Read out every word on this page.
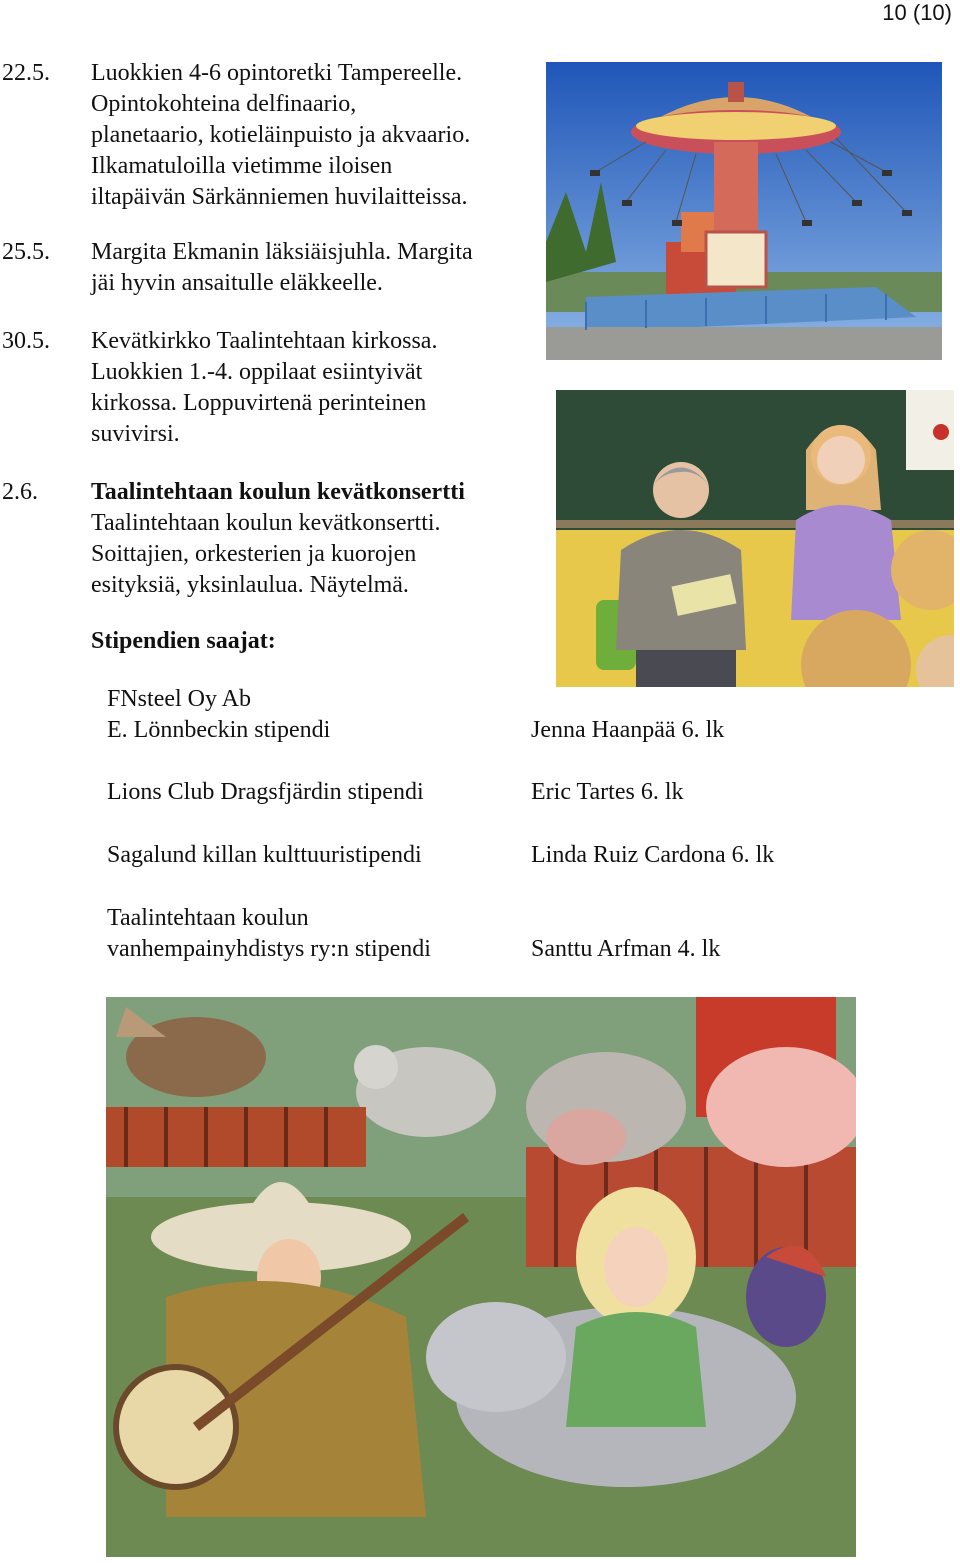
10 (10)
22.5. Luokkien 4-6 opintoretki Tampereelle.
Opintokohteina delfinaario,
planetaario, kotieläinpuisto ja akvaario.
Ilkamatuloilla vietimme iloisen
iltapäivän Särkänniemen huvilaitteissa.
25.5. Margita Ekmanin läksiäisjuhla. Margita
jäi hyvin ansaitulle eläkkeelle.
30.5. Kevätkirkko Taalintehtaan kirkossa.
Luokkien 1.-4. oppilaat esiintyivät
kirkossa. Loppuvirtenä perinteinen
suvivirsi.
2.6. Taalintehtaan koulun kevätkonsertti
Taalintehtaan koulun kevätkonsertti.
Soittajien, orkesterien ja kuorojen
esityksiä, yksinlaulua. Näytelmä.
Stipendien saajat:
FNsteel Oy Ab
E. Lönnbeckin stipendi	Jenna Haanpää 6. lk
Lions Club Dragsfjärdin stipendi	Eric Tartes 6. lk
Sagalund killan kulttuuristipendi	Linda Ruiz Cardona 6. lk
Taalintehtaan koulun
vanhempainyhdistys ry:n stipendi	Santtu Arfman 4. lk
